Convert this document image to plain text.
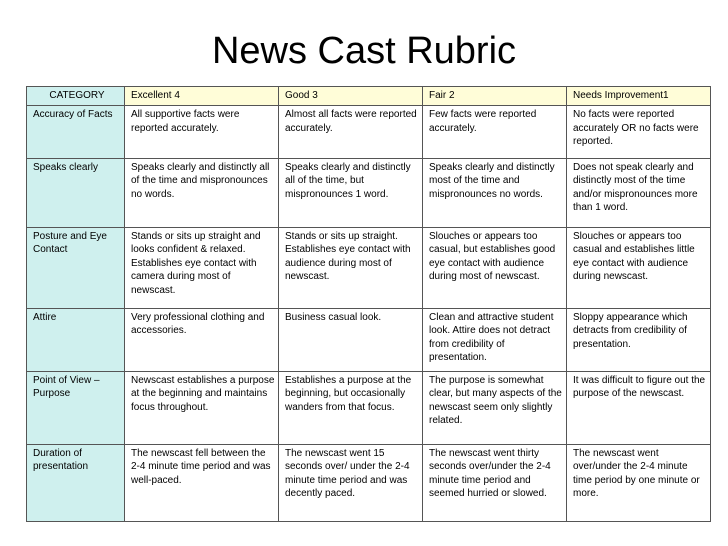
News Cast Rubric
CATEGORY	Excellent 4	Good 3	Fair 2	Needs Improvement1
Accuracy of Facts	All supportive facts were reported accurately.	Almost all facts were reported accurately.	Few facts were reported accurately.	No facts were reported accurately OR no facts were reported.
Speaks clearly	Speaks clearly and distinctly all of the time and mispronounces no words.	Speaks clearly and distinctly all of the time, but mispronounces 1 word.	Speaks clearly and distinctly most of the time and mispronounces no words.	Does not speak clearly and distinctly most of the time and/or mispronounces more than 1 word.
Posture and Eye Contact	Stands or sits up straight and looks confident & relaxed. Establishes eye contact with camera during most of newscast.	Stands or sits up straight. Establishes eye contact with audience during most of newscast.	Slouches or appears too casual, but establishes good eye contact with audience during most of newscast.	Slouches or appears too casual and establishes little eye contact with audience during newscast.
Attire	Very professional clothing and accessories.	Business casual look.	Clean and attractive student look. Attire does not detract from credibility of presentation.	Sloppy appearance which detracts from credibility of presentation.
Point of View – Purpose	Newscast establishes a purpose at the beginning and maintains focus throughout.	Establishes a purpose at the beginning, but occasionally wanders from that focus.	The purpose is somewhat clear, but many aspects of the newscast seem only slightly related.	It was difficult to figure out the purpose of the newscast.
Duration of presentation	The newscast fell between the 2-4 minute time period and was well-paced.	The newscast went 15 seconds over/ under the 2-4 minute time period and was decently paced.	The newscast went thirty seconds over/under the 2-4 minute time period and seemed hurried or slowed.	The newscast went over/under the 2-4 minute time period by one minute or more.
